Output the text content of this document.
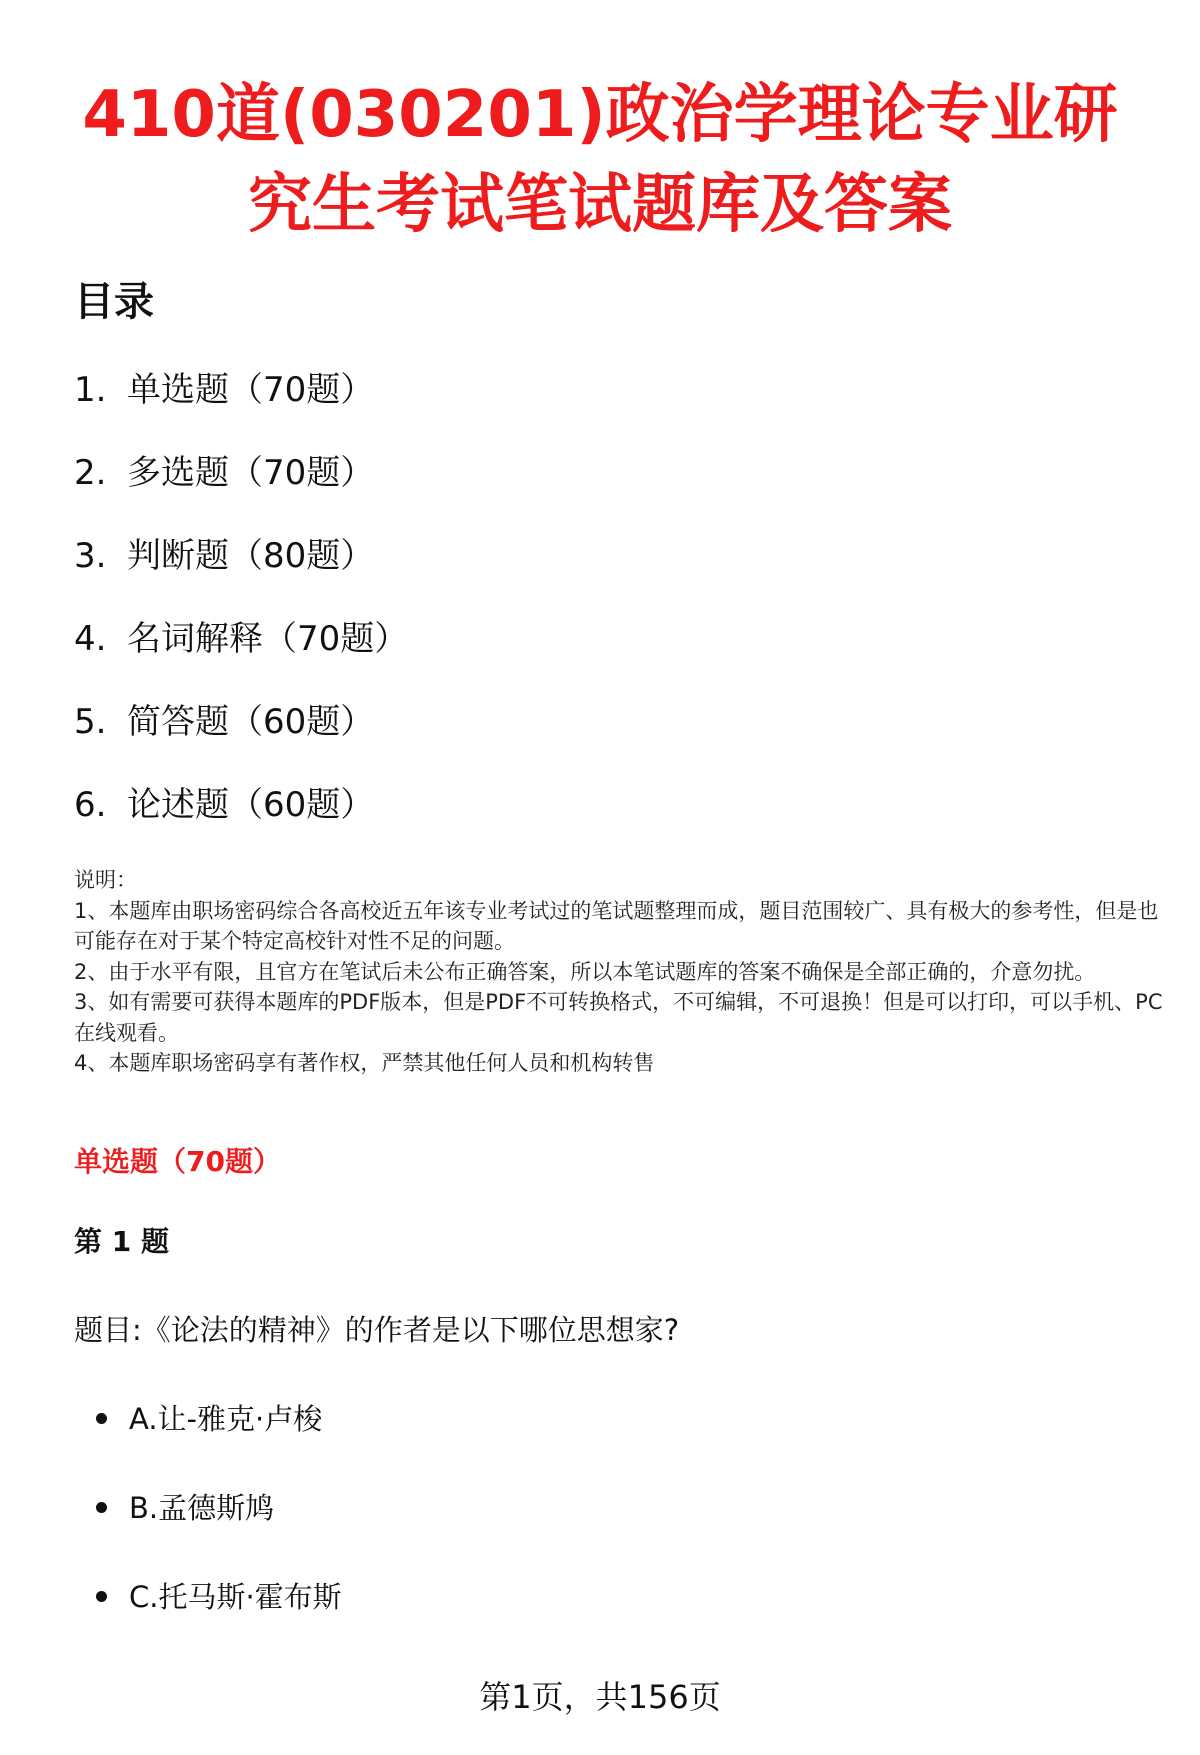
410道(030201)政治学理论专业研究生考试笔试题库及答案
目录
1. 单选题（70题）
2. 多选题（70题）
3. 判断题（80题）
4. 名词解释（70题）
5. 简答题（60题）
6. 论述题（60题）

说明：

1、本题库由职场密码综合各高校近五年该专业考试过的笔试题整理而成，题目范围较广、具有极大的参考性，但是也可能存在对于某个特定高校针对性不足的问题。

2、由于水平有限，且官方在笔试后未公布正确答案，所以本笔试题库的答案不确保是全部正确的，介意勿扰。

3、如有需要可获得本题库的PDF版本，但是PDF不可转换格式，不可编辑，不可退换！但是可以打印，可以手机、PC在线观看。

4、本题库职场密码享有著作权，严禁其他任何人员和机构转售

单选题（70题）
第 1 题

题目:《论法的精神》的作者是以下哪位思想家?

A.让-雅克·卢梭
B.孟德斯鸠
C.托马斯·霍布斯
第1页，共156页
